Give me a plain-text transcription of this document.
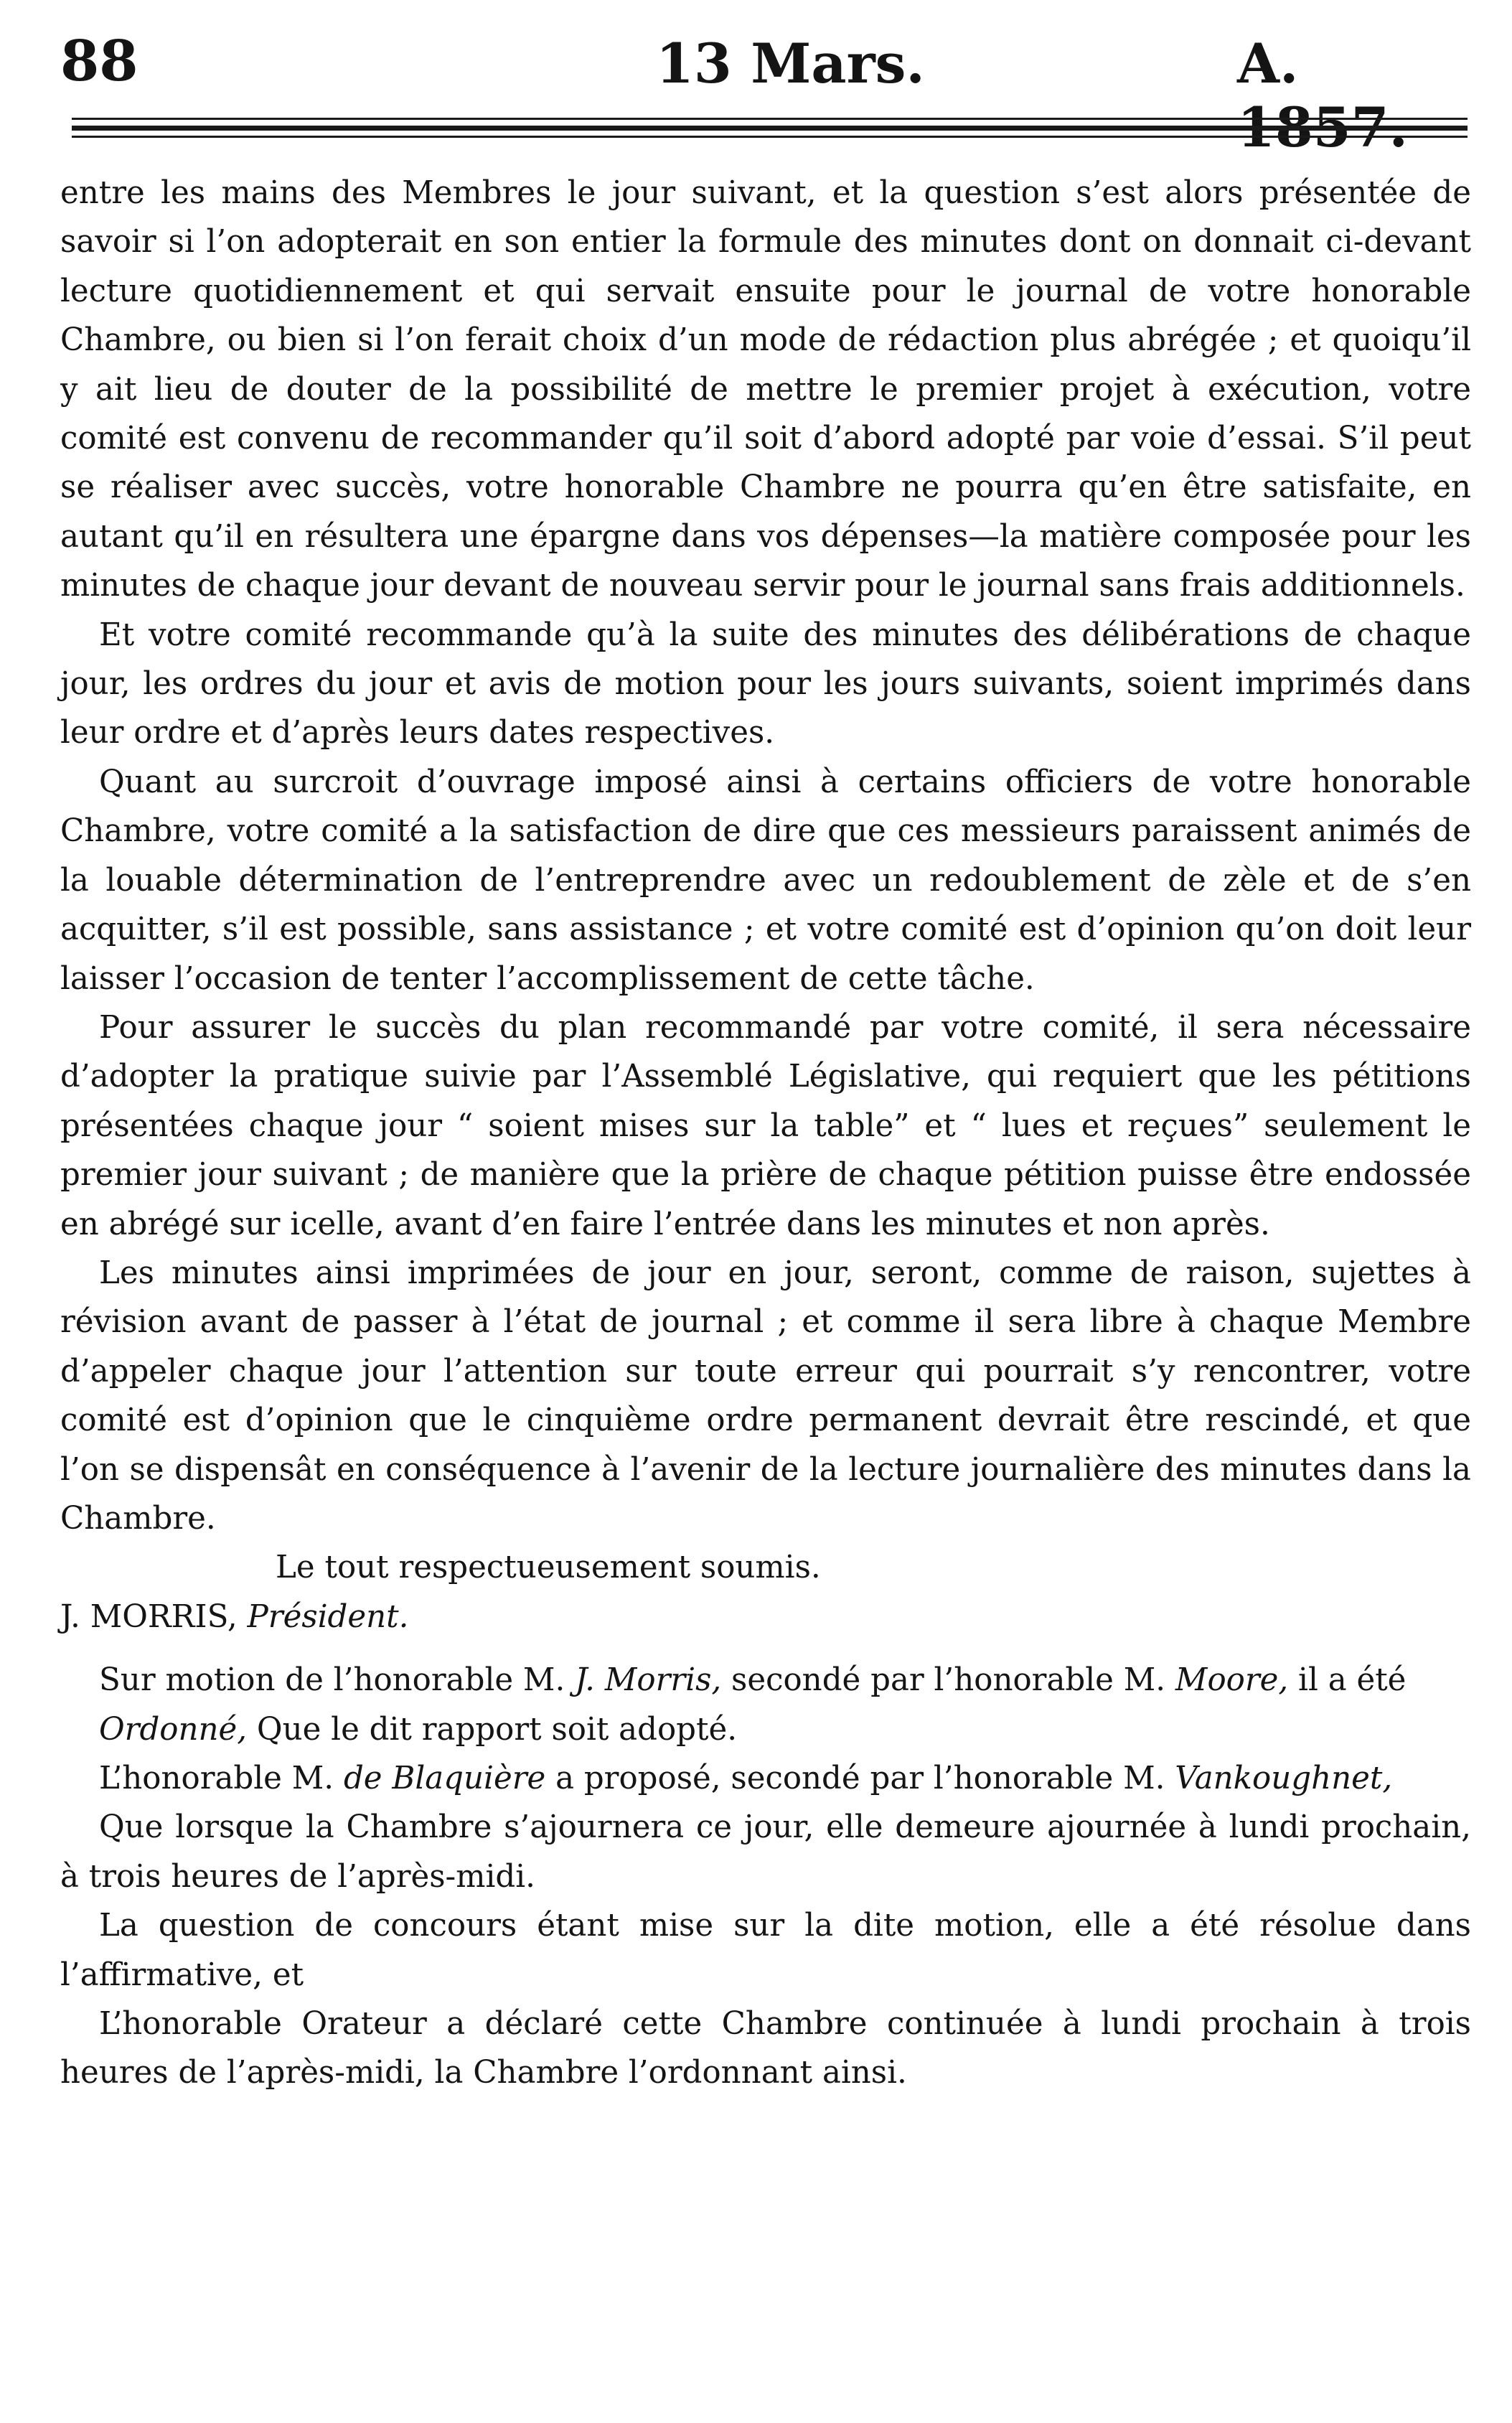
88	13 Mars.	A.

entre les mains des Membres le jour suivant, et la question s’est alors présentée de savoir si l’on adopterait en son entier la formule des minutes dont on donnait ci-devant lecture quotidiennement et qui servait ensuite pour le journal de votre honorable Chambre, ou bien si l’on ferait choix d’un mode de rédaction plus abrégée ; et quoiqu’il y ait lieu de douter de la possibilité de mettre le premier projet à exécution, votre comité est convenu de recommander qu’il soit d’abord adopté par voie d’essai. S’il peut se réaliser avec succès, votre honorable Chambre ne pourra qu’en être satisfaite, en autant qu’il en résultera une épargne dans vos dépenses—la matière composée pour les minutes de chaque jour devant de nouveau servir pour le journal sans frais additionnels.

Et votre comité recommande qu’à la suite des minutes des délibérations de chaque jour, les ordres du jour et avis de motion pour les jours suivants, soient imprimés dans leur ordre et d’après leurs dates respectives.

Quant au surcroit d’ouvrage imposé ainsi à certains officiers de votre honorable Chambre, votre comité a la satisfaction de dire que ces messieurs paraissent animés de la louable détermination de l’entreprendre avec un redoublement de zèle et de s’en acquitter, s’il est possible, sans assistance ; et votre comité est d’opinion qu’on doit leur laisser l’occasion de tenter l’accomplissement de cette tâche.

Pour assurer le succès du plan recommandé par votre comité, il sera nécessaire d’adopter la pratique suivie par l’Assemblé Législative, qui requiert que les pétitions présentées chaque jour “ soient mises sur la table” et “ lues et reçues” seulement le premier jour suivant ; de manière que la prière de chaque pétition puisse être endossée en abrégé sur icelle, avant d’en faire l’entrée dans les minutes et non après.

Les minutes ainsi imprimées de jour en jour, seront, comme de raison, sujettes à révision avant de passer à l’état de journal ; et comme il sera libre à chaque Membre d’appeler chaque jour l’attention sur toute erreur qui pourrait s’y rencontrer, votre comité est d’opinion que le cinquième ordre permanent devrait être rescindé, et que l’on se dispensât en conséquence à l’avenir de la lecture journalière des minutes dans la Chambre.

Le tout respectueusement soumis.

J. MORRIS, Président.

Sur motion de l’honorable M. J. Morris, secondé par l’honorable M. Moore, il a été

Ordonné, Que le dit rapport soit adopté.

L’honorable M. de Blaquière a proposé, secondé par l’honorable M. Vankoughnet,

Que lorsque la Chambre s’ajournera ce jour, elle demeure ajournée à lundi prochain, à trois heures de l’après-midi.

La question de concours étant mise sur la dite motion, elle a été résolue dans l’affirmative, et

L’honorable Orateur a déclaré cette Chambre continuée à lundi prochain à trois heures de l’après-midi, la Chambre l’ordonnant ainsi.
